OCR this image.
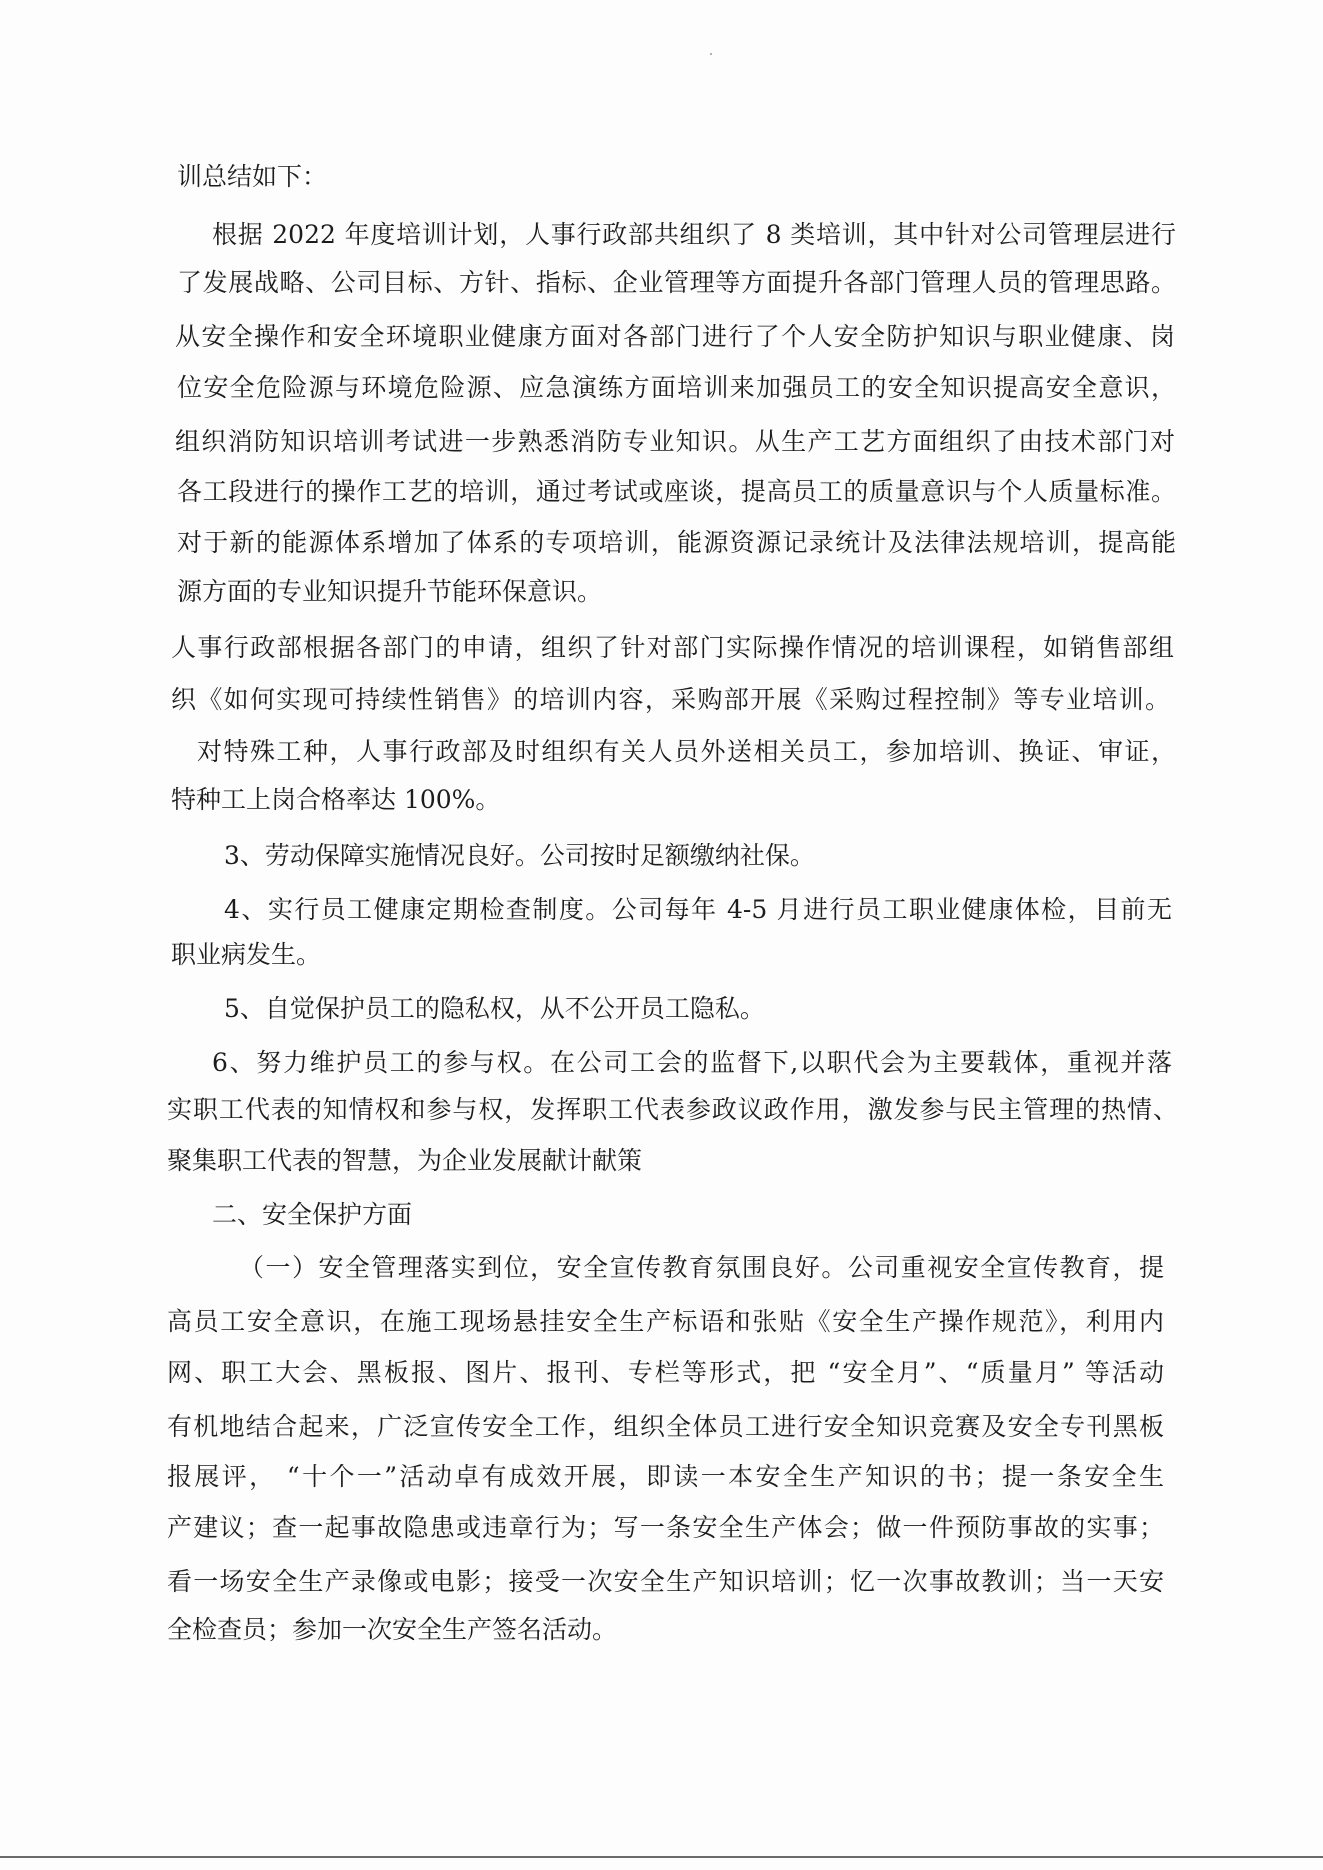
训总结如下：
根据 2022 年度培训计划，人事行政部共组织了 8 类培训，其中针对公司管理层进行
了发展战略、公司目标、方针、指标、企业管理等方面提升各部门管理人员的管理思路。
从安全操作和安全环境职业健康方面对各部门进行了个人安全防护知识与职业健康、岗
位安全危险源与环境危险源、应急演练方面培训来加强员工的安全知识提高安全意识，
组织消防知识培训考试进一步熟悉消防专业知识。从生产工艺方面组织了由技术部门对
各工段进行的操作工艺的培训，通过考试或座谈，提高员工的质量意识与个人质量标准。
对于新的能源体系增加了体系的专项培训，能源资源记录统计及法律法规培训，提高能
源方面的专业知识提升节能环保意识。
人事行政部根据各部门的申请，组织了针对部门实际操作情况的培训课程，如销售部组
织《如何实现可持续性销售》的培训内容，采购部开展《采购过程控制》等专业培训。
对特殊工种，人事行政部及时组织有关人员外送相关员工，参加培训、换证、审证，
特种工上岗合格率达 100%。
3、劳动保障实施情况良好。公司按时足额缴纳社保。
4、实行员工健康定期检查制度。公司每年 4-5 月进行员工职业健康体检，目前无
职业病发生。
5、自觉保护员工的隐私权，从不公开员工隐私。
6、努力维护员工的参与权。在公司工会的监督下,以职代会为主要载体，重视并落
实职工代表的知情权和参与权，发挥职工代表参政议政作用，激发参与民主管理的热情、
聚集职工代表的智慧，为企业发展献计献策
二、安全保护方面
（一）安全管理落实到位，安全宣传教育氛围良好。公司重视安全宣传教育，提
高员工安全意识，在施工现场悬挂安全生产标语和张贴《安全生产操作规范》，利用内
网、职工大会、黑板报、图片、报刊、专栏等形式，把 “安全月”、“质量月” 等活动
有机地结合起来，广泛宣传安全工作，组织全体员工进行安全知识竞赛及安全专刊黑板
报展评， “十个一”活动卓有成效开展，即读一本安全生产知识的书；提一条安全生
产建议；查一起事故隐患或违章行为；写一条安全生产体会；做一件预防事故的实事；
看一场安全生产录像或电影；接受一次安全生产知识培训；忆一次事故教训；当一天安
全检查员；参加一次安全生产签名活动。
